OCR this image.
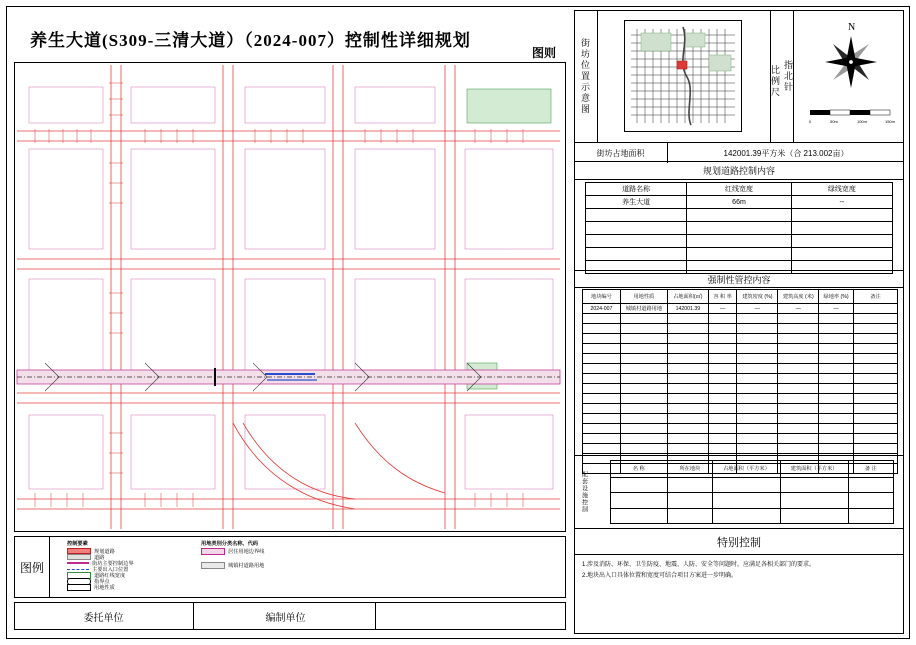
养生大道(S309-三清大道）（2024-007）控制性详细规划
图则
图例
控制要素
规划道路
道路
街坊主要控制边界
主要出入口位置
道路红线宽度
指界点
用地性质
用地类别分类名称、代码
居住用地边界线
城镇村道路用地
委托单位	编制单位
街坊位置示意图	指北针
比例尺
N
0	50m	100m	150m
街坊占地面积	142001.39平方米（合 213.002亩）
规划道路控制内容
道路名称	红线宽度	绿线宽度
养生大道	66m	--

强制性管控内容
地块编号	用地性质	占地面积(㎡)	容 积 率	建筑密度 (%)	建筑高度 (米)	绿地率 (%)	备注
2024-007	城镇村道路用地	142001.39	—	—	—	—	

配套设施控制
名 称	所在地块	占地面积（平方米）	建筑面积（平方米）	备 注

特别控制
1.涉及消防、环保、卫生防疫、地震、人防、安全等问题时，应满足各相关部门的要求。
2.地块出入口具体位置和宽度可结合项目方案进一步明确。
